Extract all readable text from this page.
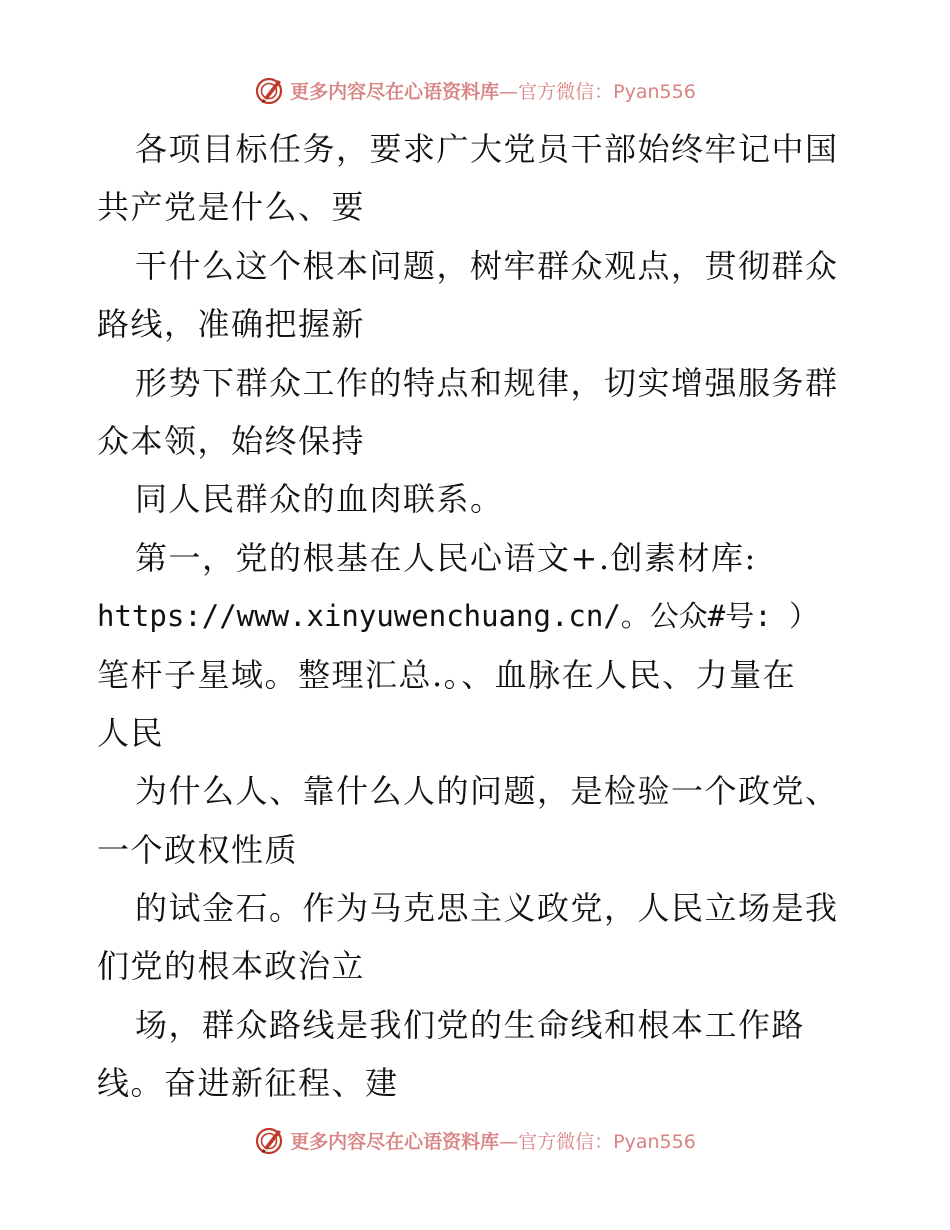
更多内容尽在心语资料库—官方微信：Pyan556
各项目标任务，要求广大党员干部始终牢记中国
共产党是什么、要
干什么这个根本问题，树牢群众观点，贯彻群众
路线，准确把握新
形势下群众工作的特点和规律，切实增强服务群
众本领，始终保持
同人民群众的血肉联系。
第一，党的根基在人民心语文+.创素材库:
https://www.xinyuwenchuang.cn/。公众#号: ）
笔杆子星域。整理汇总.。、血脉在人民、力量在
人民
为什么人、靠什么人的问题，是检验一个政党、
一个政权性质
的试金石。作为马克思主义政党，人民立场是我
们党的根本政治立
场，群众路线是我们党的生命线和根本工作路
线。奋进新征程、建
更多内容尽在心语资料库—官方微信：Pyan556
